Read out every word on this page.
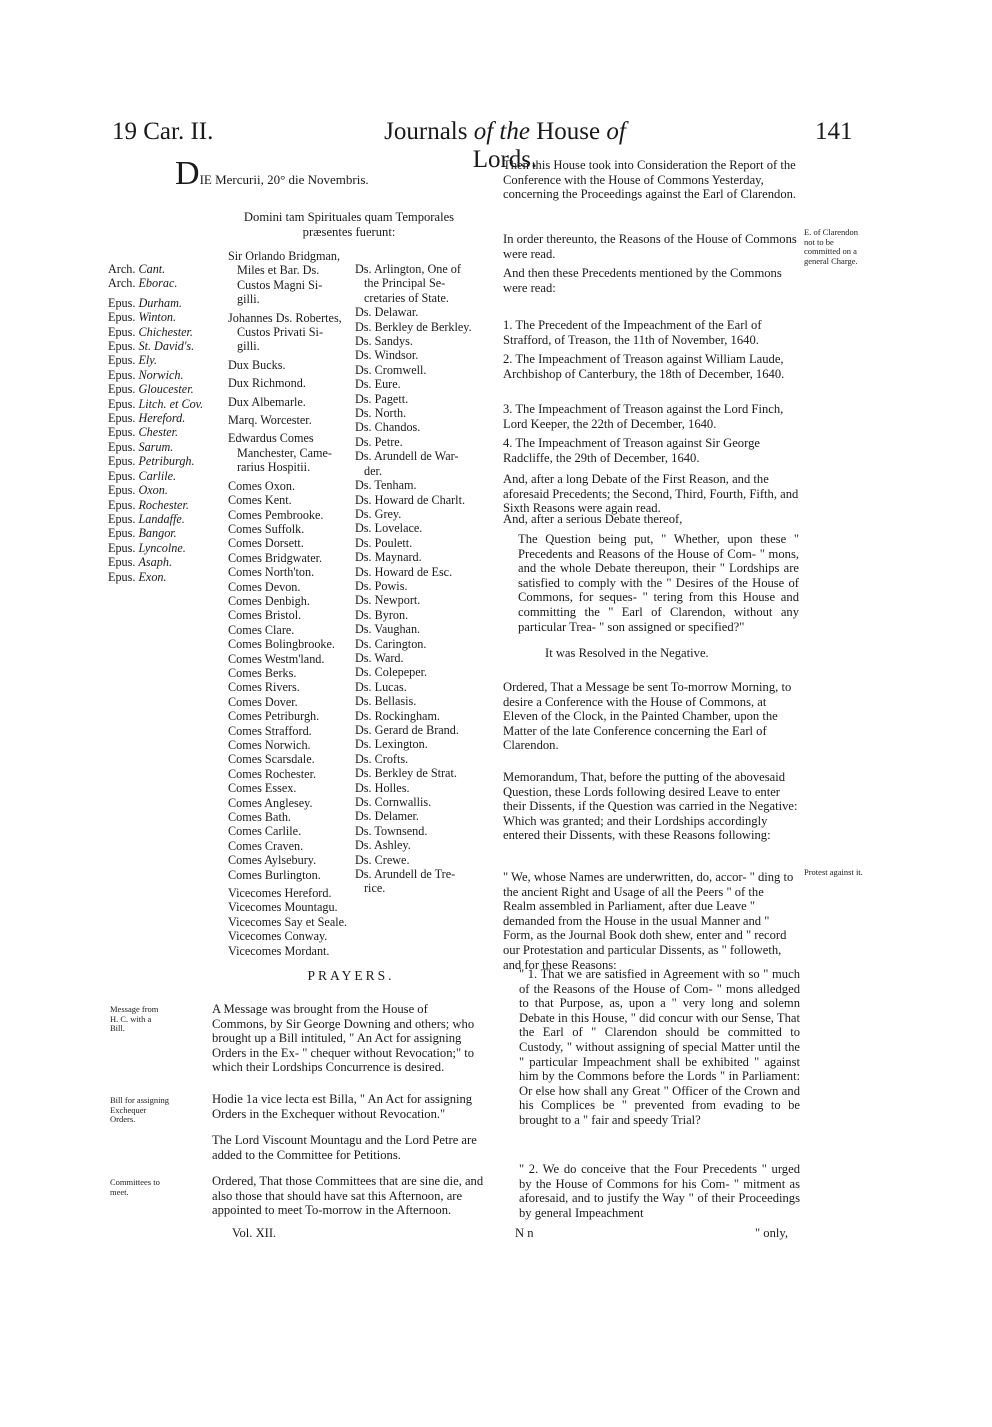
19 Car. II.	Journals of the House of Lords.
141
DIE Mercurii, 20° die Novembris.
Domini tam Spirituales quam Temporales præsentes fuerunt:
Arch. Cant.
Arch. Eborac.
Epus. Durham.
Epus. Winton.
Epus. Chichester.
Epus. St. David's.
Epus. Ely.
Epus. Norwich.
Epus. Gloucester.
Epus. Litch. et Cov.
Epus. Hereford.
Epus. Chester.
Epus. Sarum.
Epus. Petriburgh.
Epus. Carlile.
Epus. Oxon.
Epus. Rochester.
Epus. Landaffe.
Epus. Bangor.
Epus. Lyncolne.
Epus. Asaph.
Epus. Exon.
Sir Orlando Bridgman,
Miles et Bar. Ds.
Custos Magni Si-
gilli.
Johannes Ds. Robertes,
Custos Privati Si-
gilli.
Dux Bucks.
Dux Richmond.
Dux Albemarle.
Marq. Worcester.
Edwardus Comes
Manchester, Came-
rarius Hospitii.
Comes Oxon.
Comes Kent.
Comes Pembrooke.
Comes Suffolk.
Comes Dorsett.
Comes Bridgwater.
Comes North'ton.
Comes Devon.
Comes Denbigh.
Comes Bristol.
Comes Clare.
Comes Bolingbrooke.
Comes Westm'land.
Comes Berks.
Comes Rivers.
Comes Dover.
Comes Petriburgh.
Comes Strafford.
Comes Norwich.
Comes Scarsdale.
Comes Rochester.
Comes Essex.
Comes Anglesey.
Comes Bath.
Comes Carlile.
Comes Craven.
Comes Aylsebury.
Comes Burlington.
Vicecomes Hereford.
Vicecomes Mountagu.
Vicecomes Say et Seale.
Vicecomes Conway.
Vicecomes Mordant.
Ds. Arlington, One of
the Principal Se-
cretaries of State.
Ds. Delawar.
Ds. Berkley de Berkley.
Ds. Sandys.
Ds. Windsor.
Ds. Cromwell.
Ds. Eure.
Ds. Pagett.
Ds. North.
Ds. Chandos.
Ds. Petre.
Ds. Arundell de War-
der.
Ds. Tenham.
Ds. Howard de Charlt.
Ds. Grey.
Ds. Lovelace.
Ds. Poulett.
Ds. Maynard.
Ds. Howard de Esc.
Ds. Powis.
Ds. Newport.
Ds. Byron.
Ds. Vaughan.
Ds. Carington.
Ds. Ward.
Ds. Colepeper.
Ds. Lucas.
Ds. Bellasis.
Ds. Rockingham.
Ds. Gerard de Brand.
Ds. Lexington.
Ds. Crofts.
Ds. Berkley de Strat.
Ds. Holles.
Ds. Cornwallis.
Ds. Delamer.
Ds. Townsend.
Ds. Ashley.
Ds. Crewe.
Ds. Arundell de Tre-
rice.
PRAYERS.
Message from H. C. with a Bill.
A Message was brought from the House of Commons, by Sir George Downing and others; who brought up a Bill intituled, " An Act for assigning Orders in the Ex- " chequer without Revocation;" to which their Lordships Concurrence is desired.
Bill for assigning Exchequer Orders.
Hodie 1a vice lecta est Billa, " An Act for assigning Orders in the Exchequer without Revocation."
The Lord Viscount Mountagu and the Lord Petre are added to the Committee for Petitions.
Committees to meet.
Ordered, That those Committees that are sine die, and also those that should have sat this Afternoon, are appointed to meet To-morrow in the Afternoon.
Vol. XII.
Then this House took into Consideration the Report of the Conference with the House of Commons Yesterday, concerning the Proceedings against the Earl of Clarendon.
In order thereunto, the Reasons of the House of Commons were read.
E. of Clarendon not to be committed on a general Charge.
And then these Precedents mentioned by the Commons were read:
1. The Precedent of the Impeachment of the Earl of Strafford, of Treason, the 11th of November, 1640.
2. The Impeachment of Treason against William Laude, Archbishop of Canterbury, the 18th of December, 1640.
3. The Impeachment of Treason against the Lord Finch, Lord Keeper, the 22th of December, 1640.
4. The Impeachment of Treason against Sir George Radcliffe, the 29th of December, 1640.
And, after a long Debate of the First Reason, and the aforesaid Precedents; the Second, Third, Fourth, Fifth, and Sixth Reasons were again read.
And, after a serious Debate thereof,
The Question being put, " Whether, upon these " Precedents and Reasons of the House of Com- " mons, and the whole Debate thereupon, their " Lordships are satisfied to comply with the " Desires of the House of Commons, for seques- " tering from this House and committing the " Earl of Clarendon, without any particular Trea- " son assigned or specified?"
It was Resolved in the Negative.
Ordered, That a Message be sent To-morrow Morning, to desire a Conference with the House of Commons, at Eleven of the Clock, in the Painted Chamber, upon the Matter of the late Conference concerning the Earl of Clarendon.
Memorandum, That, before the putting of the abovesaid Question, these Lords following desired Leave to enter their Dissents, if the Question was carried in the Negative: Which was granted; and their Lordships accordingly entered their Dissents, with these Reasons following:
Protest against it.
" We, whose Names are underwritten, do, accor- " ding to the ancient Right and Usage of all the Peers " of the Realm assembled in Parliament, after due Leave " demanded from the House in the usual Manner and " Form, as the Journal Book doth shew, enter and " record our Protestation and particular Dissents, as " followeth, and for these Reasons:
" 1. That we are satisfied in Agreement with so " much of the Reasons of the House of Com- " mons alledged to that Purpose, as, upon a " very long and solemn Debate in this House, " did concur with our Sense, That the Earl of " Clarendon should be committed to Custody, " without assigning of special Matter until the " particular Impeachment shall be exhibited " against him by the Commons before the Lords " in Parliament: Or else how shall any Great " Officer of the Crown and his Complices be " prevented from evading to be brought to a " fair and speedy Trial?
" 2. We do conceive that the Four Precedents " urged by the House of Commons for his Com- " mitment as aforesaid, and to justify the Way " of their Proceedings by general Impeachment
N n	" only,
